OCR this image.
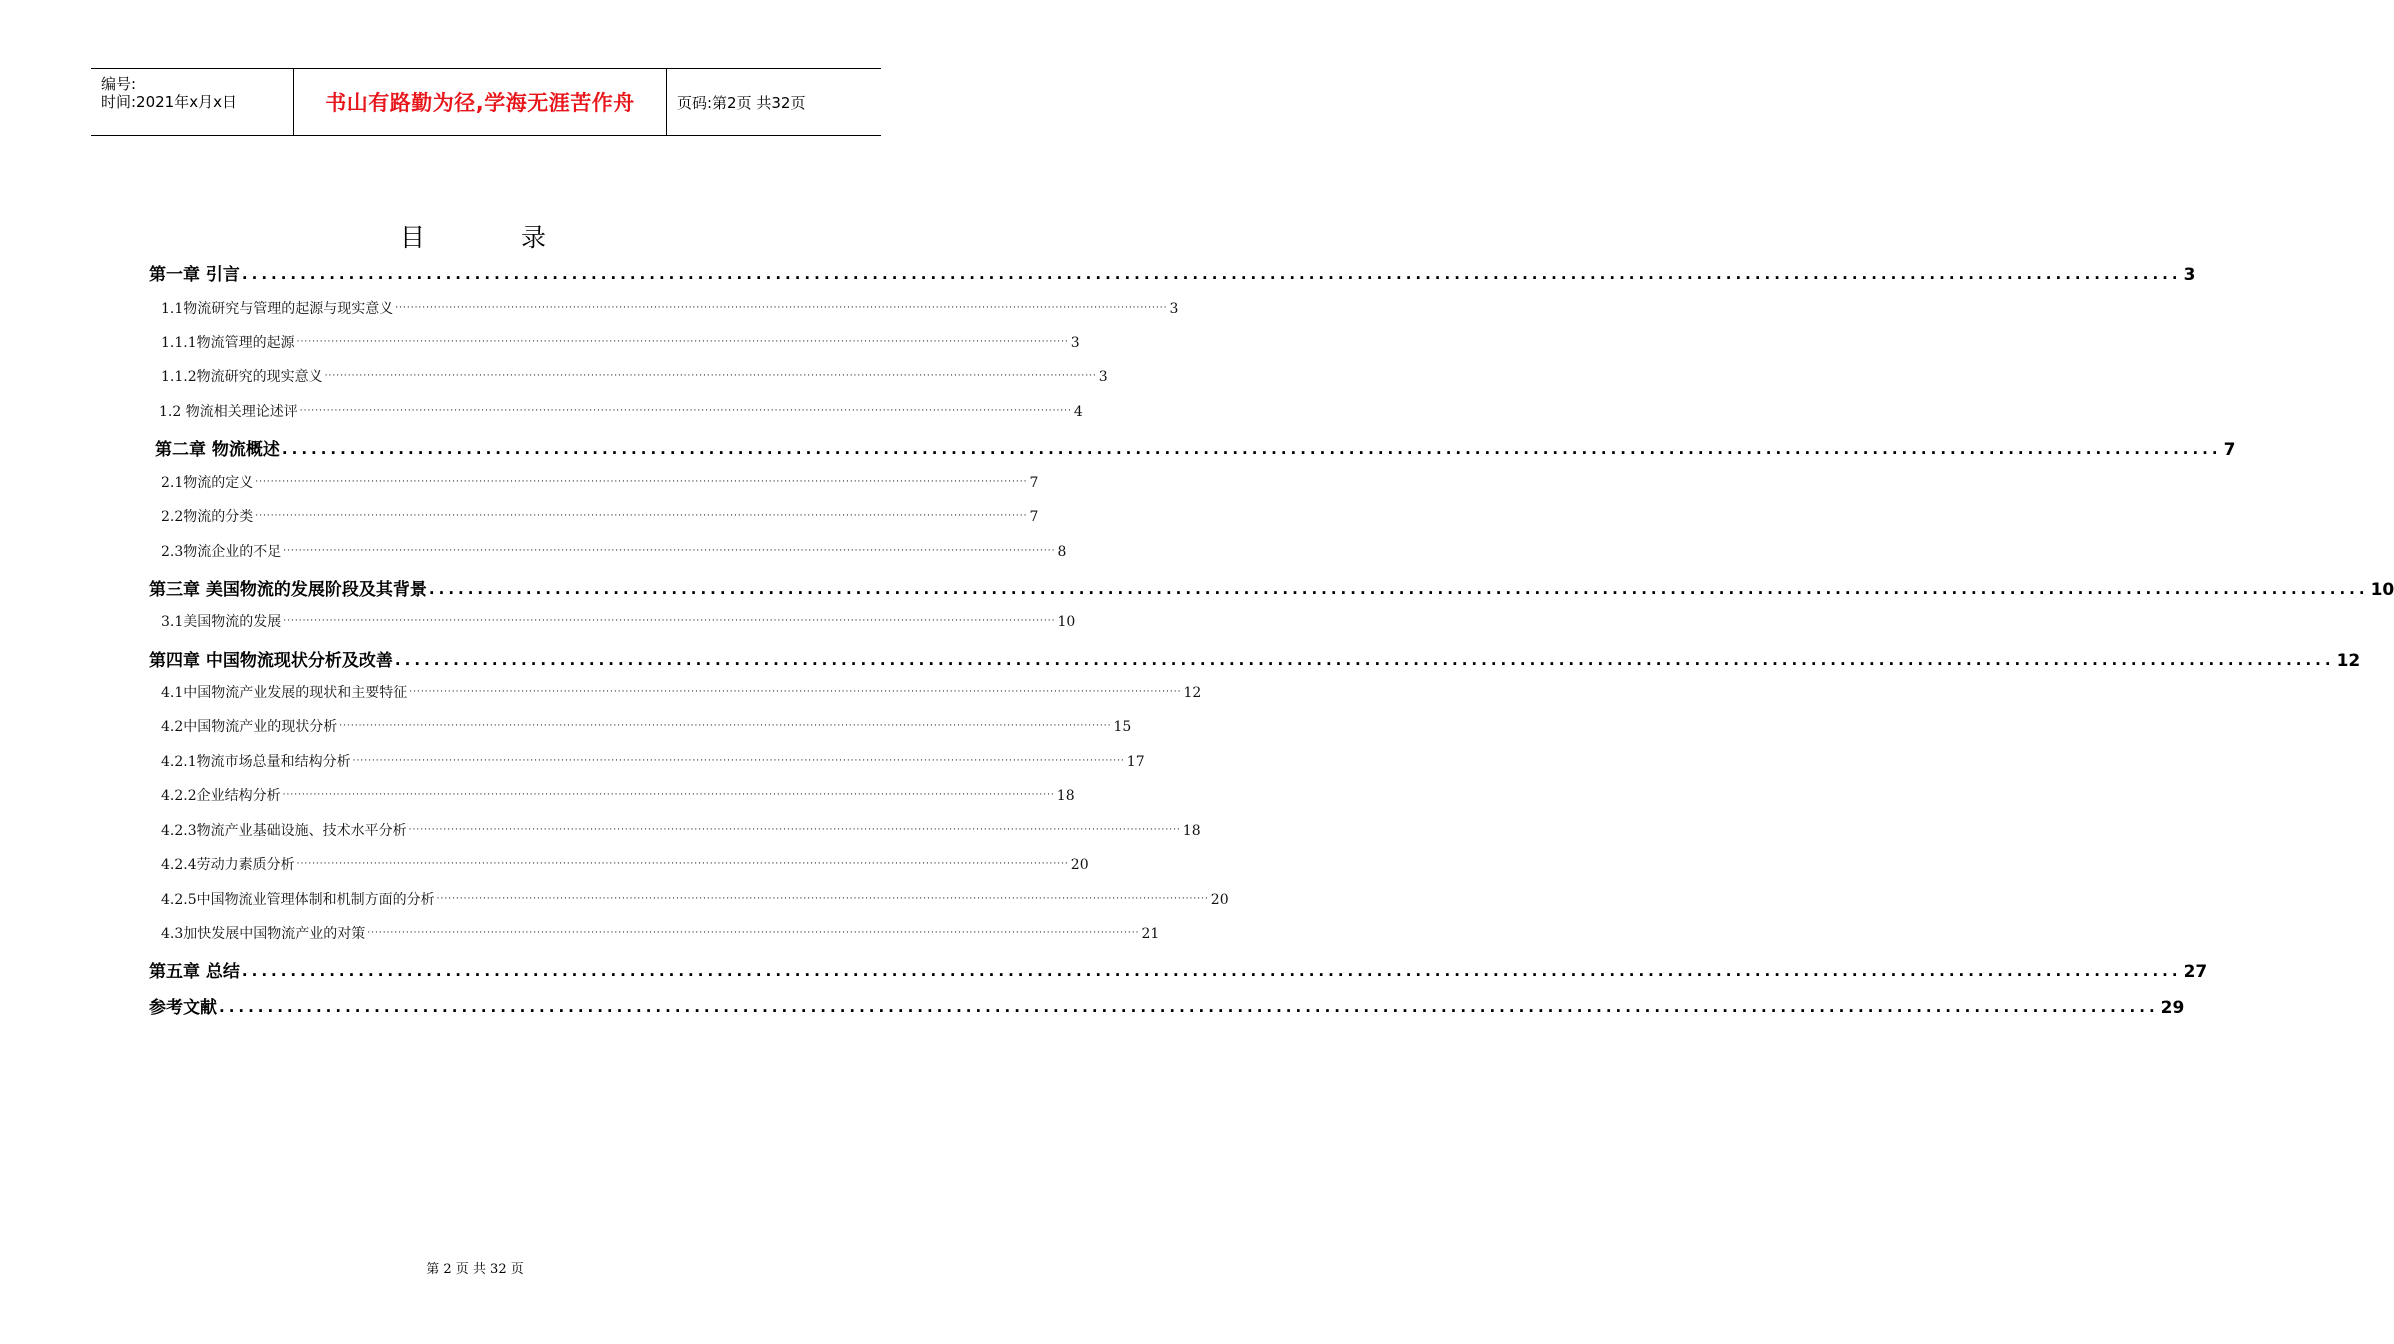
编号:
时间:2021年x月x日	书山有路勤为径,学海无涯苦作舟	页码:第2页 共32页
目 录
第一章 引言 ........................................................................................................................................................................................................ 3
1.1物流研究与管理的起源与现实意义 ········································································································································································································ 3
1.1.1物流管理的起源 ········································································································································································································ 3
1.1.2物流研究的现实意义 ········································································································································································································ 3
1.2 物流相关理论述评 ········································································································································································································ 4
第二章 物流概述 ........................................................................................................................................................................................................ 7
2.1物流的定义 ········································································································································································································ 7
2.2物流的分类 ········································································································································································································ 7
2.3物流企业的不足 ········································································································································································································ 8
第三章 美国物流的发展阶段及其背景 ........................................................................................................................................................................................................ 10
3.1美国物流的发展 ········································································································································································································ 10
第四章 中国物流现状分析及改善 ........................................................................................................................................................................................................ 12
4.1中国物流产业发展的现状和主要特征 ········································································································································································································ 12
4.2中国物流产业的现状分析 ········································································································································································································ 15
4.2.1物流市场总量和结构分析 ········································································································································································································ 17
4.2.2企业结构分析 ········································································································································································································ 18
4.2.3物流产业基础设施、技术水平分析 ········································································································································································································ 18
4.2.4劳动力素质分析 ········································································································································································································ 20
4.2.5中国物流业管理体制和机制方面的分析 ········································································································································································································ 20
4.3加快发展中国物流产业的对策 ········································································································································································································ 21
第五章 总结 ........................................................................................................................................................................................................ 27
参考文献 ........................................................................................................................................................................................................ 29
第 2 页 共 32 页
